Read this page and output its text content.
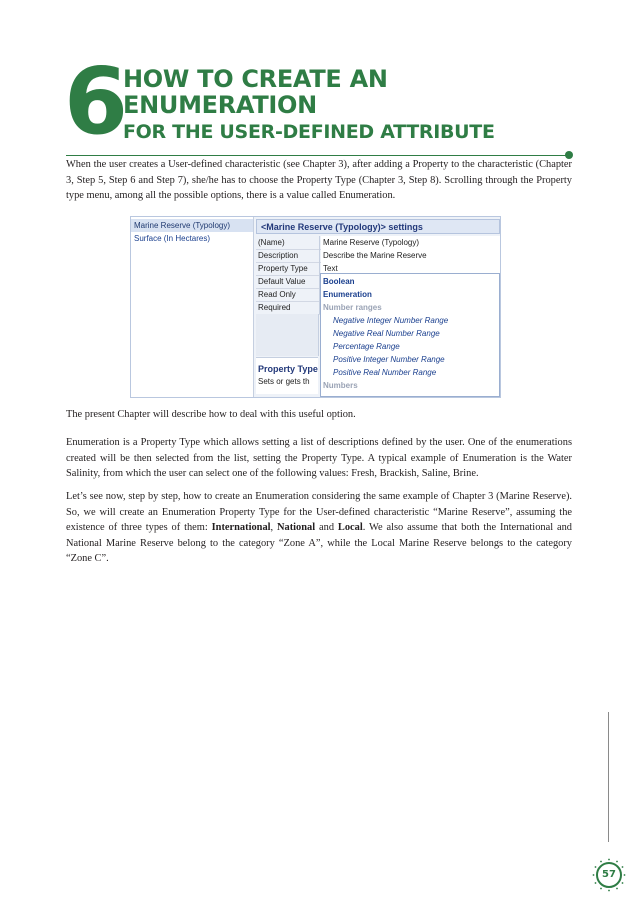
6
HOW TO CREATE AN
ENUMERATION
FOR THE USER-DEFINED ATTRIBUTE

When the user creates a User-defined characteristic (see Chapter 3), after adding a Property to the characteristic (Chapter 3, Step 5, Step 6 and Step 7), she/he has to choose the Property Type (Chapter 3, Step 8). Scrolling through the Property type menu, among all the possible options, there is a value called Enumeration.

Marine Reserve (Typology)
Surface (In Hectares)
<Marine Reserve (Typology)> settings
(Name)	Marine Reserve (Typology)
Description	Describe the Marine Reserve
Property Type	Text
Default Value
Read Only
Required
Property Type
Sets or gets th
Boolean
Enumeration
Number ranges
Negative Integer Number Range
Negative Real Number Range
Percentage Range
Positive Integer Number Range
Positive Real Number Range
Numbers

The present Chapter will describe how to deal with this useful option.

Enumeration is a Property Type which allows setting a list of descriptions defined by the user. One of the enumerations created will be then selected from the list, setting the Property Type. A typical example of Enumeration is the Water Salinity, from which the user can select one of the following values: Fresh, Brackish, Saline, Brine.

Let’s see now, step by step, how to create an Enumeration considering the same example of Chapter 3 (Marine Reserve). So, we will create an Enumeration Property Type for the User-defined characteristic “Marine Reserve”, assuming the existence of three types of them: International, National and Local. We also assume that both the International and National Marine Reserve belong to the category “Zone A”, while the Local Marine Reserve belongs to the category “Zone C”.

57
